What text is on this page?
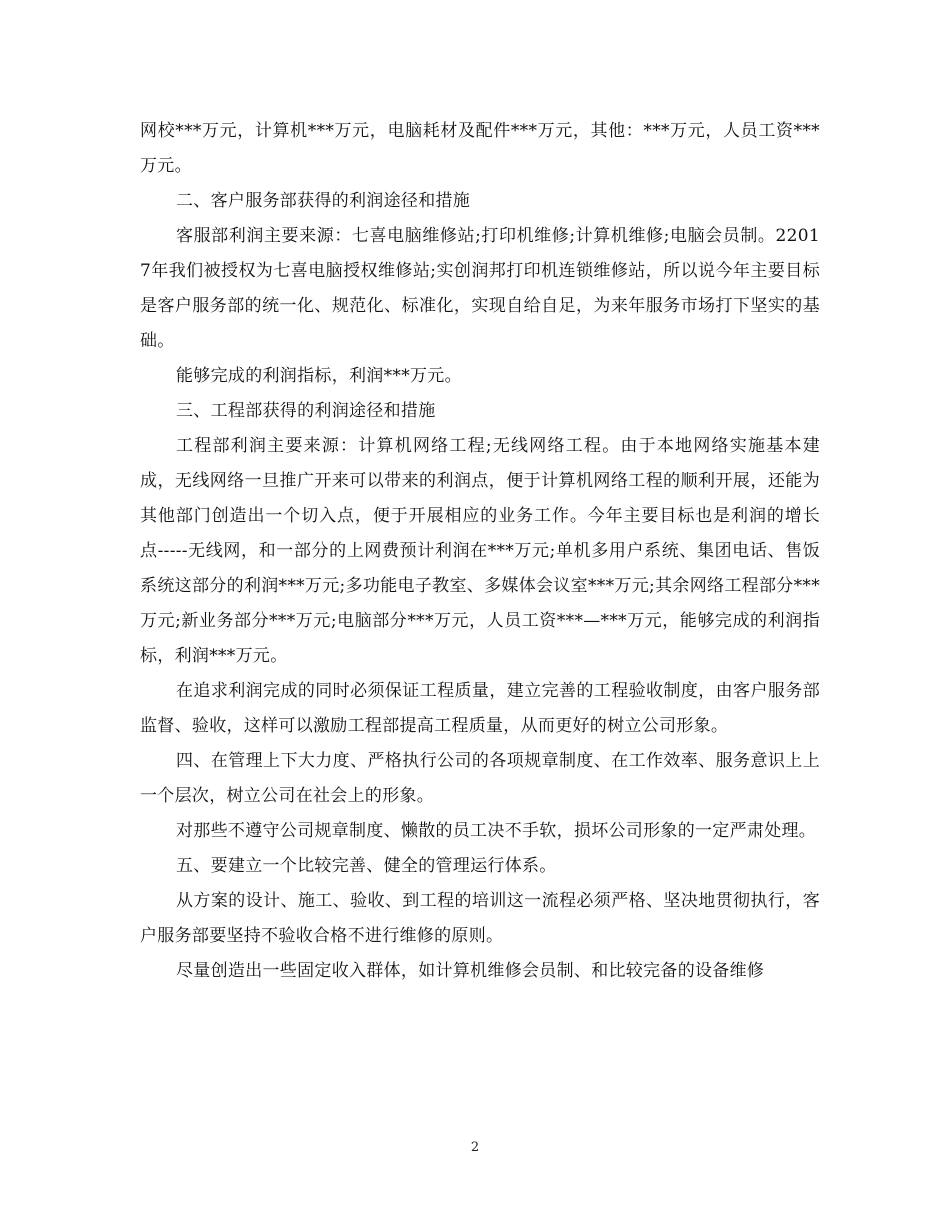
网校***万元，计算机***万元，电脑耗材及配件***万元，其他：***万元，人员工资***万元。

二、客户服务部获得的利润途径和措施

客服部利润主要来源：七喜电脑维修站;打印机维修;计算机维修;电脑会员制。22017年我们被授权为七喜电脑授权维修站;实创润邦打印机连锁维修站，所以说今年主要目标是客户服务部的统一化、规范化、标准化，实现自给自足，为来年服务市场打下坚实的基础。

能够完成的利润指标，利润***万元。

三、工程部获得的利润途径和措施

工程部利润主要来源：计算机网络工程;无线网络工程。由于本地网络实施基本建成，无线网络一旦推广开来可以带来的利润点，便于计算机网络工程的顺利开展，还能为其他部门创造出一个切入点，便于开展相应的业务工作。今年主要目标也是利润的增长点-----无线网，和一部分的上网费预计利润在***万元;单机多用户系统、集团电话、售饭系统这部分的利润***万元;多功能电子教室、多媒体会议室***万元;其余网络工程部分***万元;新业务部分***万元;电脑部分***万元，人员工资***—***万元，能够完成的利润指标，利润***万元。

在追求利润完成的同时必须保证工程质量，建立完善的工程验收制度，由客户服务部监督、验收，这样可以激励工程部提高工程质量，从而更好的树立公司形象。

四、在管理上下大力度、严格执行公司的各项规章制度、在工作效率、服务意识上上一个层次，树立公司在社会上的形象。

对那些不遵守公司规章制度、懒散的员工决不手软，损坏公司形象的一定严肃处理。

五、要建立一个比较完善、健全的管理运行体系。

从方案的设计、施工、验收、到工程的培训这一流程必须严格、坚决地贯彻执行，客户服务部要坚持不验收合格不进行维修的原则。

尽量创造出一些固定收入群体，如计算机维修会员制、和比较完备的设备维修

2
